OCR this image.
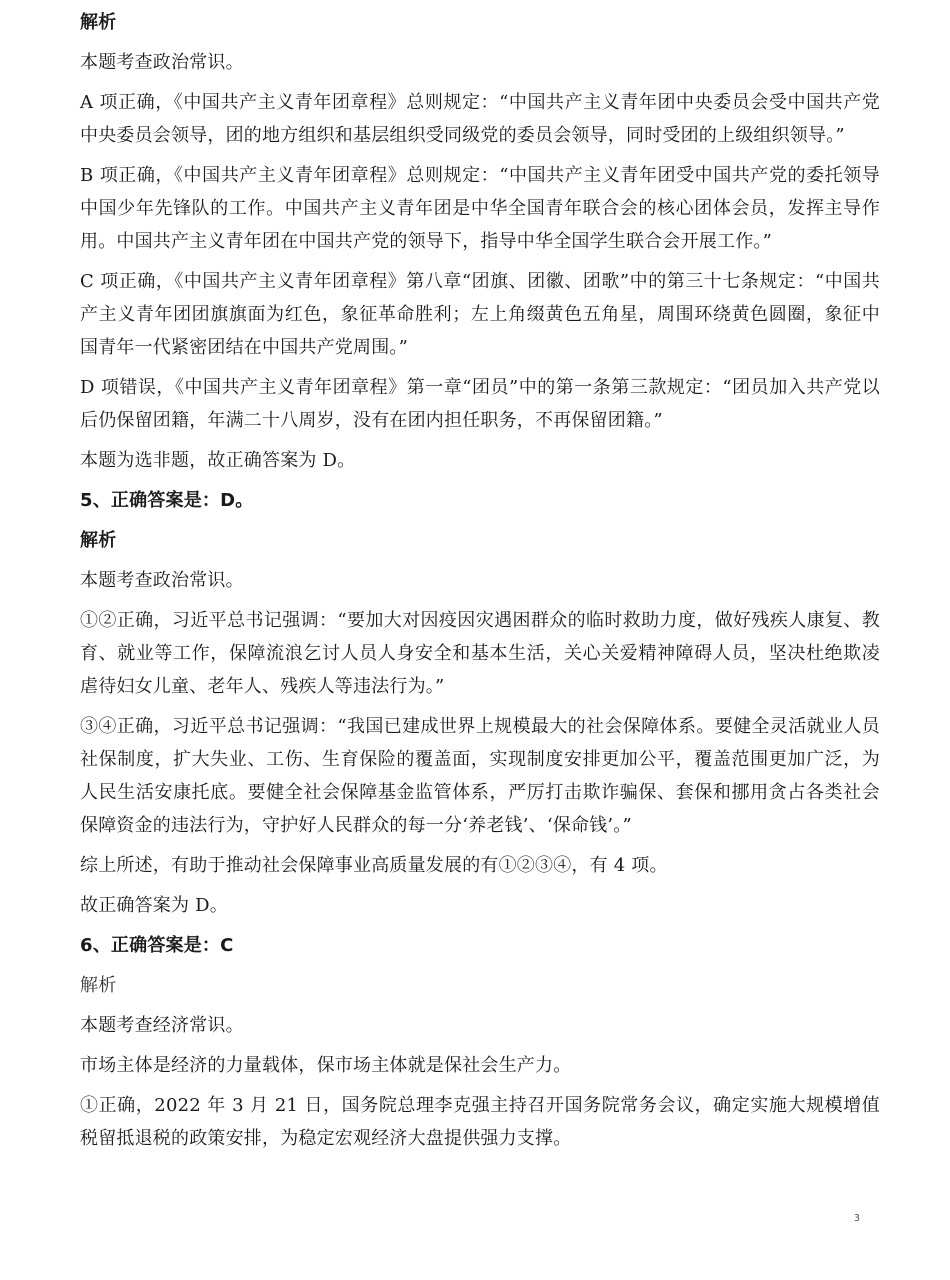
解析

本题考查政治常识。

A 项正确，《中国共产主义青年团章程》总则规定：“中国共产主义青年团中央委员会受中国共产党中央委员会领导，团的地方组织和基层组织受同级党的委员会领导，同时受团的上级组织领导。”

B 项正确，《中国共产主义青年团章程》总则规定：“中国共产主义青年团受中国共产党的委托领导中国少年先锋队的工作。中国共产主义青年团是中华全国青年联合会的核心团体会员，发挥主导作用。中国共产主义青年团在中国共产党的领导下，指导中华全国学生联合会开展工作。”

C 项正确，《中国共产主义青年团章程》第八章“团旗、团徽、团歌”中的第三十七条规定：“中国共产主义青年团团旗旗面为红色，象征革命胜利；左上角缀黄色五角星，周围环绕黄色圆圈，象征中国青年一代紧密团结在中国共产党周围。”

D 项错误，《中国共产主义青年团章程》第一章“团员”中的第一条第三款规定：“团员加入共产党以后仍保留团籍，年满二十八周岁，没有在团内担任职务，不再保留团籍。”

本题为选非题，故正确答案为 D。

5、正确答案是：D。

解析

本题考查政治常识。

①②正确，习近平总书记强调：“要加大对因疫因灾遇困群众的临时救助力度，做好残疾人康复、教育、就业等工作，保障流浪乞讨人员人身安全和基本生活，关心关爱精神障碍人员，坚决杜绝欺凌虐待妇女儿童、老年人、残疾人等违法行为。”

③④正确，习近平总书记强调：“我国已建成世界上规模最大的社会保障体系。要健全灵活就业人员社保制度，扩大失业、工伤、生育保险的覆盖面，实现制度安排更加公平，覆盖范围更加广泛，为人民生活安康托底。要健全社会保障基金监管体系，严厉打击欺诈骗保、套保和挪用贪占各类社会保障资金的违法行为，守护好人民群众的每一分‘养老钱’、‘保命钱’。”

综上所述，有助于推动社会保障事业高质量发展的有①②③④，有 4 项。

故正确答案为 D。

6、正确答案是：C

解析

本题考查经济常识。

市场主体是经济的力量载体，保市场主体就是保社会生产力。

①正确，2022 年 3 月 21 日，国务院总理李克强主持召开国务院常务会议，确定实施大规模增值税留抵退税的政策安排，为稳定宏观经济大盘提供强力支撑。

3
